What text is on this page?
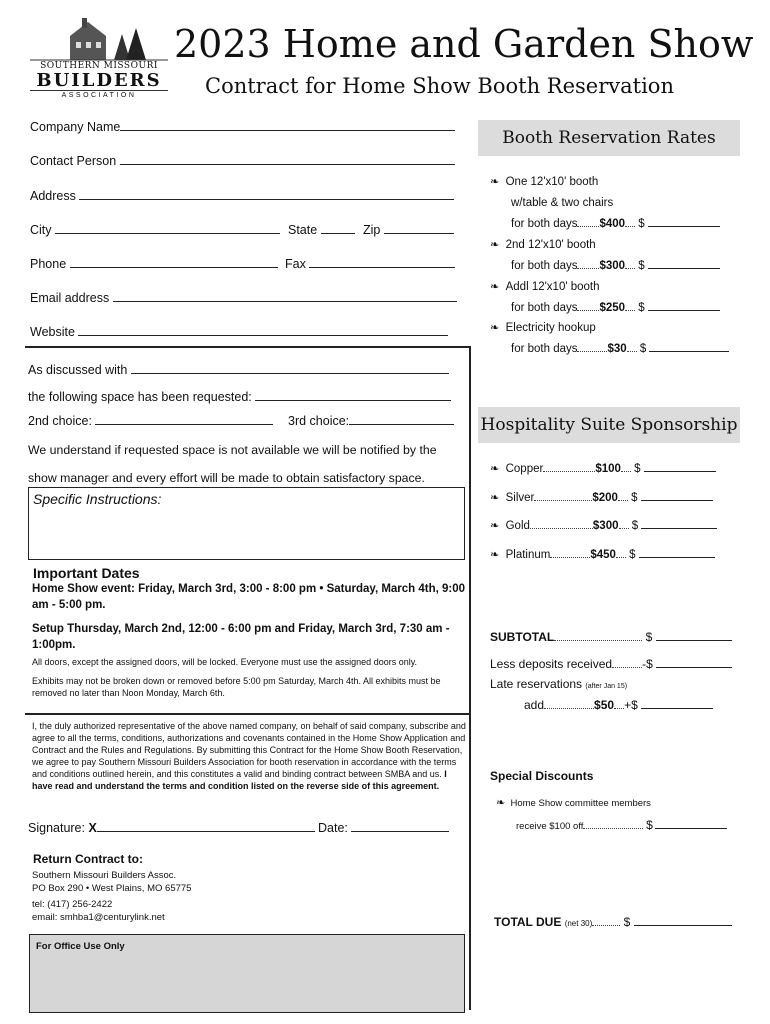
SOUTHERN MISSOURI
BUILDERS
ASSOCIATION
2023 Home and Garden Show
Contract for Home Show Booth Reservation
Company Name
Contact Person
Address
City	State	Zip
Phone	Fax
Email address
Website
As discussed with
the following space has been requested:
2nd choice:	3rd choice:
We understand if requested space is not available we will be notified by the show manager and every effort will be made to obtain satisfactory space.
Specific Instructions:
Important Dates
Home Show event: Friday, March 3rd, 3:00 - 8:00 pm • Saturday, March 4th, 9:00 am - 5:00 pm.
Setup Thursday, March 2nd, 12:00 - 6:00 pm and Friday, March 3rd, 7:30 am - 1:00pm.
All doors, except the assigned doors, will be locked. Everyone must use the assigned doors only.
Exhibits may not be broken down or removed before 5:00 pm Saturday, March 4th. All exhibits must be removed no later than Noon Monday, March 6th.
I, the duly authorized representative of the above named company, on behalf of said company, subscribe and agree to all the terms, conditions, authorizations and covenants contained in the Home Show Application and Contract and the Rules and Regulations. By submitting this Contract for the Home Show Booth Reservation, we agree to pay Southern Missouri Builders Association for booth reservation in accordance with the terms and conditions outlined herein, and this constitutes a valid and binding contract between SMBA and us. I have read and understand the terms and condition listed on the reverse side of this agreement.
Signature: X	Date:
Return Contract to:
Southern Missouri Builders Assoc.
PO Box 290 • West Plains, MO 65775
tel: (417) 256-2422
email: smhba1@centurylink.net
For Office Use Only
Booth Reservation Rates
❧ One 12'x10' booth
w/table & two chairs
for both days $400 $
❧ 2nd 12'x10' booth
for both days $300 $
❧ Addl 12'x10' booth
for both days $250 $
❧ Electricity hookup
for both days	$30 $
Hospitality Suite Sponsorship
❧ Copper	$100 $
❧ Silver	$200 $
❧ Gold	$300 $
❧ Platinum	$450 $
SUBTOTAL	$
Less deposits received	-$
Late reservations (after Jan 15)
add	$50 +$
Special Discounts
❧ Home Show committee members
receive $100 off	$
TOTAL DUE (net 30)	$
